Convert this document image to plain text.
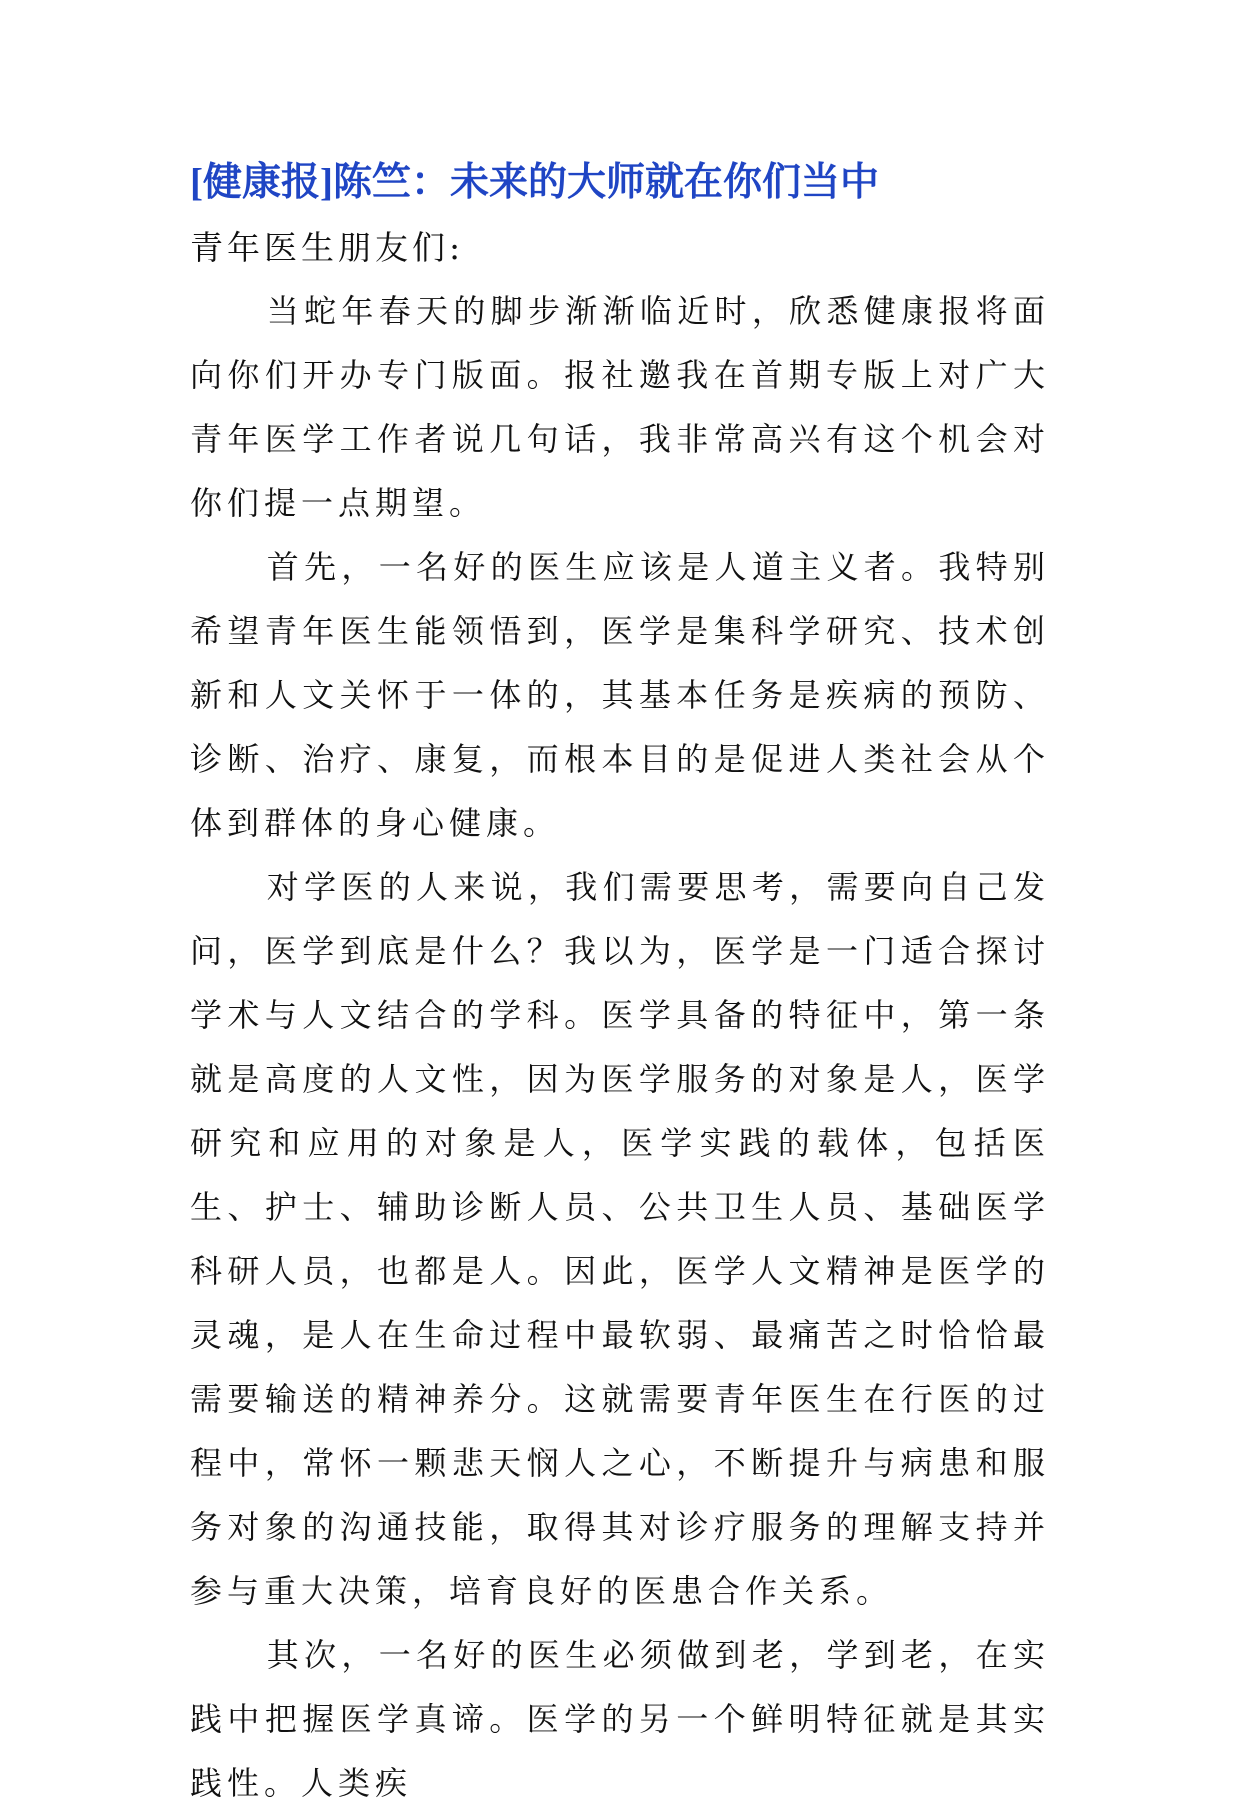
[健康报]陈竺：未来的大师就在你们当中

青年医生朋友们:

当蛇年春天的脚步渐渐临近时，欣悉健康报将面向你们开办专门版面。报社邀我在首期专版上对广大青年医学工作者说几句话，我非常高兴有这个机会对你们提一点期望。

首先，一名好的医生应该是人道主义者。我特别希望青年医生能领悟到，医学是集科学研究、技术创新和人文关怀于一体的，其基本任务是疾病的预防、诊断、治疗、康复，而根本目的是促进人类社会从个体到群体的身心健康。

对学医的人来说，我们需要思考，需要向自己发问，医学到底是什么？我以为，医学是一门适合探讨学术与人文结合的学科。医学具备的特征中，第一条就是高度的人文性，因为医学服务的对象是人，医学研究和应用的对象是人，医学实践的载体，包括医生、护士、辅助诊断人员、公共卫生人员、基础医学科研人员，也都是人。因此，医学人文精神是医学的灵魂，是人在生命过程中最软弱、最痛苦之时恰恰最需要输送的精神养分。这就需要青年医生在行医的过程中，常怀一颗悲天悯人之心，不断提升与病患和服务对象的沟通技能，取得其对诊疗服务的理解支持并参与重大决策，培育良好的医患合作关系。

其次，一名好的医生必须做到老，学到老，在实践中把握医学真谛。医学的另一个鲜明特征就是其实践性。人类疾
